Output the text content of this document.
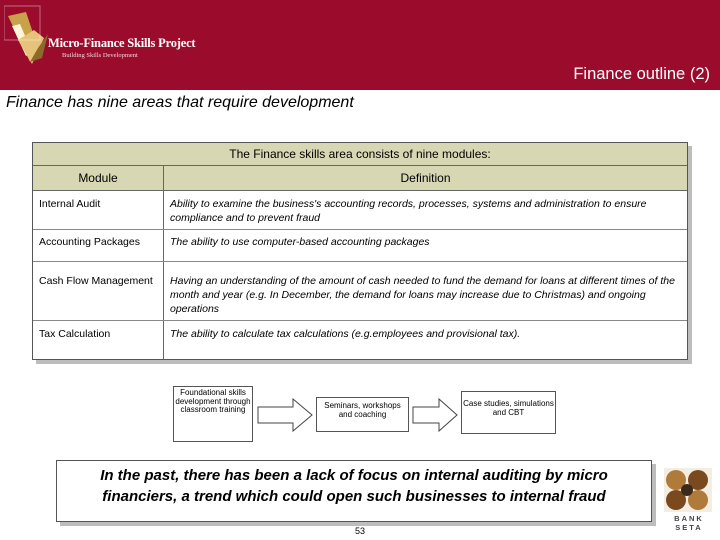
Micro-Finance Skills Project
Building Skills Development
Finance outline (2)
Finance has nine areas that require development
The Finance skills area consists of nine modules:
Module	Definition
Internal Audit	Ability to examine the business's accounting records, processes, systems and administration to ensure compliance and to prevent fraud
Accounting Packages	The ability to use computer-based accounting packages
Cash Flow Management	Having an understanding of the amount of cash needed to fund the demand for loans at different times of the month and year (e.g. In December, the demand for loans may increase due to Christmas) and ongoing operations
Tax Calculation	The ability to calculate tax calculations (e.g.employees and provisional tax).
Foundational skills development through classroom training	Seminars, workshops and coaching
Case studies, simulations and CBT
In the past, there has been a lack of focus on internal auditing by micro financiers, a trend which could open such businesses to internal fraud
53
BANK SETA
